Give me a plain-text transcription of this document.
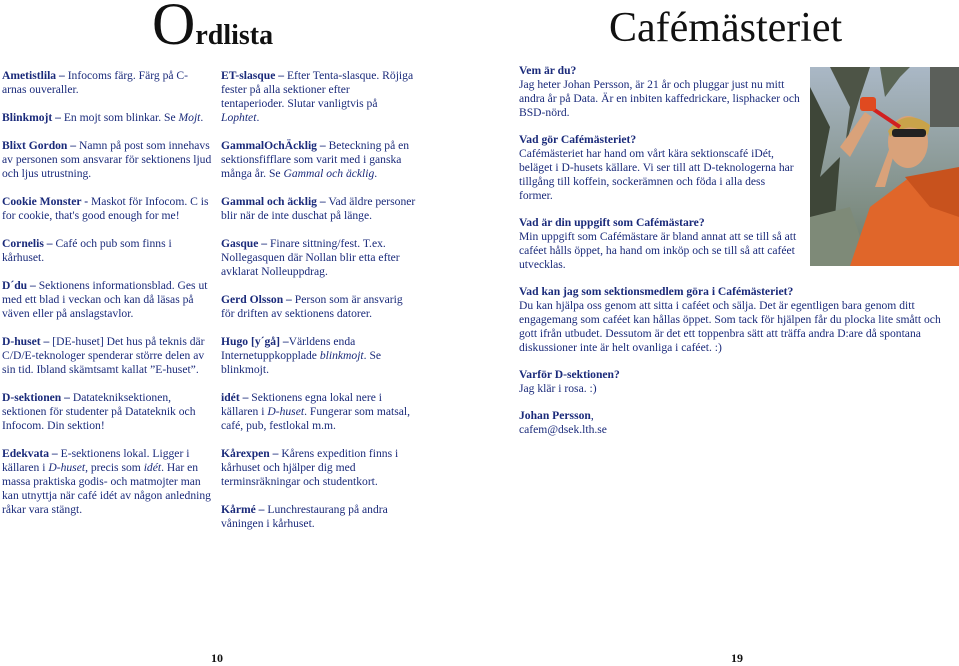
Ordlista

Ametistlila – Infocoms färg. Färg på C-arnas ouveraller.

Blinkmojt – En mojt som blinkar. Se Mojt.

Blixt Gordon – Namn på post som innehavs av personen som ansvarar för sektionens ljud och ljus utrustning.

Cookie Monster - Maskot för Infocom. C is for cookie, that's good enough for me!

Cornelis – Café och pub som finns i kårhuset.

D´du – Sektionens informationsblad. Ges ut med ett blad i veckan och kan då läsas på väven eller på anslagstavlor.

D-huset – [DE-huset] Det hus på teknis där C/D/E-teknologer spenderar större delen av sin tid. Ibland skämtsamt kallat ”E-huset”.

D-sektionen – Datatekniksektionen, sektionen för studenter på Datateknik och Infocom. Din sektion!

Edekvata – E-sektionens lokal. Ligger i källaren i D-huset, precis som idét. Har en massa praktiska godis- och matmojter man kan utnyttja när café idét av någon anledning råkar vara stängt.

ET-slasque – Efter Tenta-slasque. Röjiga fester på alla sektioner efter tentaperioder. Slutar vanligtvis på Lophtet.

GammalOchÄcklig – Beteckning på en sektionsfifflare som varit med i ganska många år. Se Gammal och äcklig.

Gammal och äcklig – Vad äldre personer blir när de inte duschat på länge.

Gasque – Finare sittning/fest. T.ex. Nollegasquen där Nollan blir etta efter avklarat Nolleuppdrag.

Gerd Olsson – Person som är ansvarig för driften av sektionens datorer.

Hugo [y´gå] –Världens enda Internetuppkopplade blinkmojt. Se blinkmojt.

idét – Sektionens egna lokal nere i källaren i D-huset. Fungerar som matsal, café, pub, festlokal m.m.

Kårexpen – Kårens expedition finns i kårhuset och hjälper dig med terminsräkningar och studentkort.

Kårmé – Lunchrestaurang på andra våningen i kårhuset.

10
Cafémästeriet
Vem är du?
Jag heter Johan Persson, är 21 år och pluggar just nu mitt andra år på Data. Är en inbiten kaffedrickare, lisphacker och BSD-nörd.
Vad gör Cafémästeriet?
Cafémästeriet har hand om vårt kära sektionscafé iDét, beläget i D-husets källare. Vi ser till att D-teknologerna har tillgång till koffein, sockerämnen och föda i alla dess former.
Vad är din uppgift som Cafémästare?
Min uppgift som Cafémästare är bland annat att se till så att caféet hålls öppet, ha hand om inköp och se till så att caféet utvecklas.
Vad kan jag som sektionsmedlem göra i Cafémästeriet?
Du kan hjälpa oss genom att sitta i caféet och sälja. Det är egentligen bara genom ditt engagemang som caféet kan hållas öppet. Som tack för hjälpen får du plocka lite smått och gott ifrån utbudet. Dessutom är det ett toppenbra sätt att träffa andra D:are då spontana diskussioner inte är helt ovanliga i caféet. :)
Varför D-sektionen?
Jag klär i rosa. :)
Johan Persson,
cafem@dsek.lth.se
19
